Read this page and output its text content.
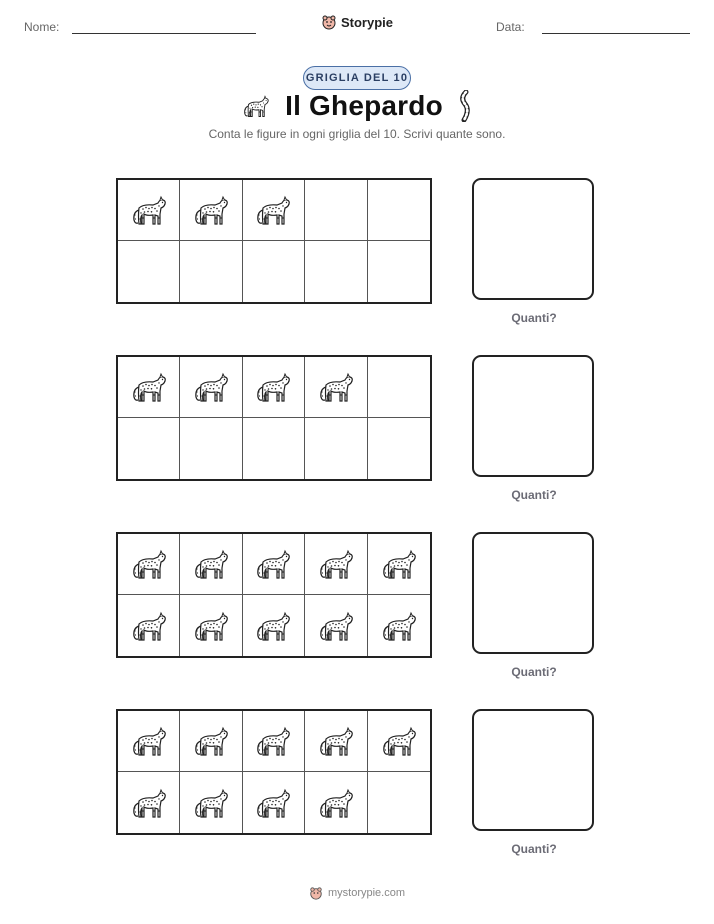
Nome:	Storypie	Data:
GRIGLIA DEL 10
Il Ghepardo
Conta le figure in ogni griglia del 10. Scrivi quante sono.
Quanti?
Quanti?
Quanti?
Quanti?
mystorypie.com
